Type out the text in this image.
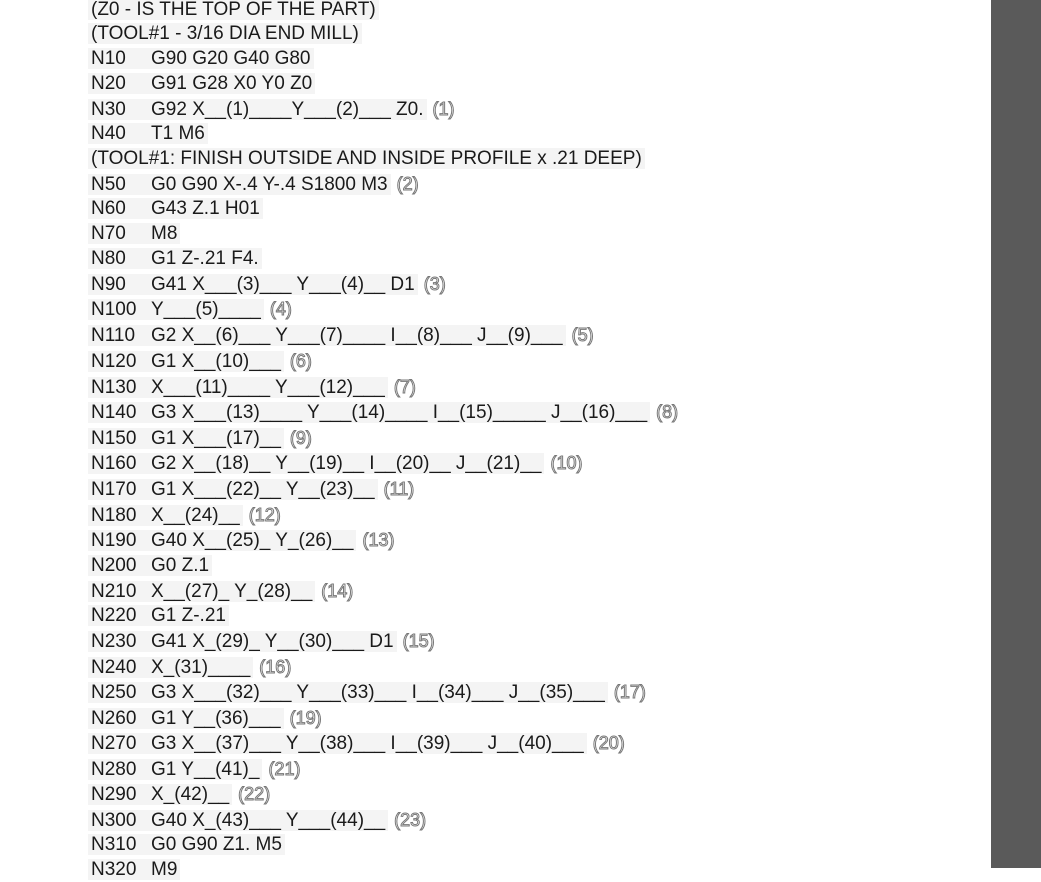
(Z0 - IS THE TOP OF THE PART)
(TOOL#1 - 3/16 DIA END MILL)
N10 G90 G20 G40 G80
N20 G91 G28 X0 Y0 Z0
N30 G92 X__(1)____Y___(2)___ Z0. (1)
N40 T1 M6
(TOOL#1: FINISH OUTSIDE AND INSIDE PROFILE x .21 DEEP)
N50 G0 G90 X-.4 Y-.4 S1800 M3 (2)
N60 G43 Z.1 H01
N70 M8
N80 G1 Z-.21 F4.
N90 G41 X___(3)___ Y___(4)__ D1 (3)
N100 Y___(5)____ (4)
N110 G2 X__(6)___ Y___(7)____ I__(8)___ J__(9)___ (5)
N120 G1 X__(10)___ (6)
N130 X___(11)____ Y___(12)___ (7)
N140 G3 X___(13)____ Y___(14)____ I__(15)_____ J__(16)___ (8)
N150 G1 X___(17)__ (9)
N160 G2 X__(18)__ Y__(19)__ I__(20)__ J__(21)__ (10)
N170 G1 X___(22)__ Y__(23)__ (11)
N180 X__(24)__ (12)
N190 G40 X__(25)_ Y_(26)__ (13)
N200 G0 Z.1
N210 X__(27)_ Y_(28)__ (14)
N220 G1 Z-.21
N230 G41 X_(29)_ Y__(30)___ D1 (15)
N240 X_(31)____ (16)
N250 G3 X___(32)___ Y___(33)___ I__(34)___ J__(35)___ (17)
N260 G1 Y__(36)___ (19)
N270 G3 X__(37)___ Y__(38)___ I__(39)___ J__(40)___ (20)
N280 G1 Y__(41)_ (21)
N290 X_(42)__ (22)
N300 G40 X_(43)___ Y___(44)__ (23)
N310 G0 G90 Z1. M5
N320 M9
